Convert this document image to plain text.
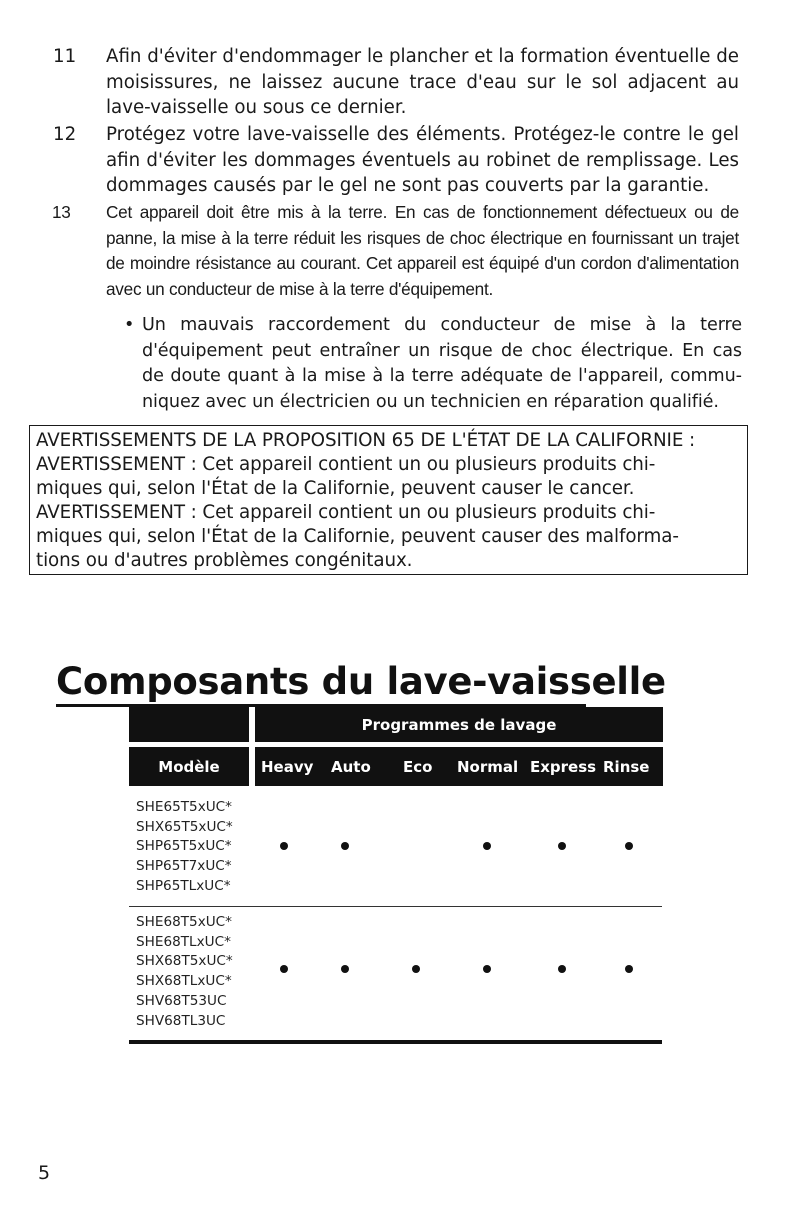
11 Afin d'éviter d'endommager le plancher et la formation éventuelle de moisissures, ne laissez aucune trace d'eau sur le sol adjacent au lave-vaisselle ou sous ce dernier.
12 Protégez votre lave-vaisselle des éléments. Protégez-le contre le gel afin d'éviter les dommages éventuels au robinet de remplissage. Les dommages causés par le gel ne sont pas couverts par la garantie.
13 Cet appareil doit être mis à la terre. En cas de fonctionnement défectueux ou de panne, la mise à la terre réduit les risques de choc électrique en fournissant un trajet de moindre résistance au courant. Cet appareil est équipé d'un cordon d'alimentation avec un conducteur de mise à la terre d'équipement.
• Un mauvais raccordement du conducteur de mise à la terre d'équipement peut entraîner un risque de choc électrique. En cas de doute quant à la mise à la terre adéquate de l'appareil, communiquez avec un électricien ou un technicien en réparation qualifié.
AVERTISSEMENTS DE LA PROPOSITION 65 DE L'ÉTAT DE LA CALIFORNIE :
AVERTISSEMENT : Cet appareil contient un ou plusieurs produits chi-
miques qui, selon l'État de la Californie, peuvent causer le cancer.
AVERTISSEMENT : Cet appareil contient un ou plusieurs produits chi-
miques qui, selon l'État de la Californie, peuvent causer des malforma-
tions ou d'autres problèmes congénitaux.
Composants du lave-vaisselle
Programmes de lavage
Modèle	Heavy Auto Eco Normal Express Rinse
SHE65T5xUC*
SHX65T5xUC*
SHP65T5xUC*
SHP65T7xUC*
SHP65TLxUC*
SHE68T5xUC*
SHE68TLxUC*
SHX68T5xUC*
SHX68TLxUC*
SHV68T53UC
SHV68TL3UC
5
